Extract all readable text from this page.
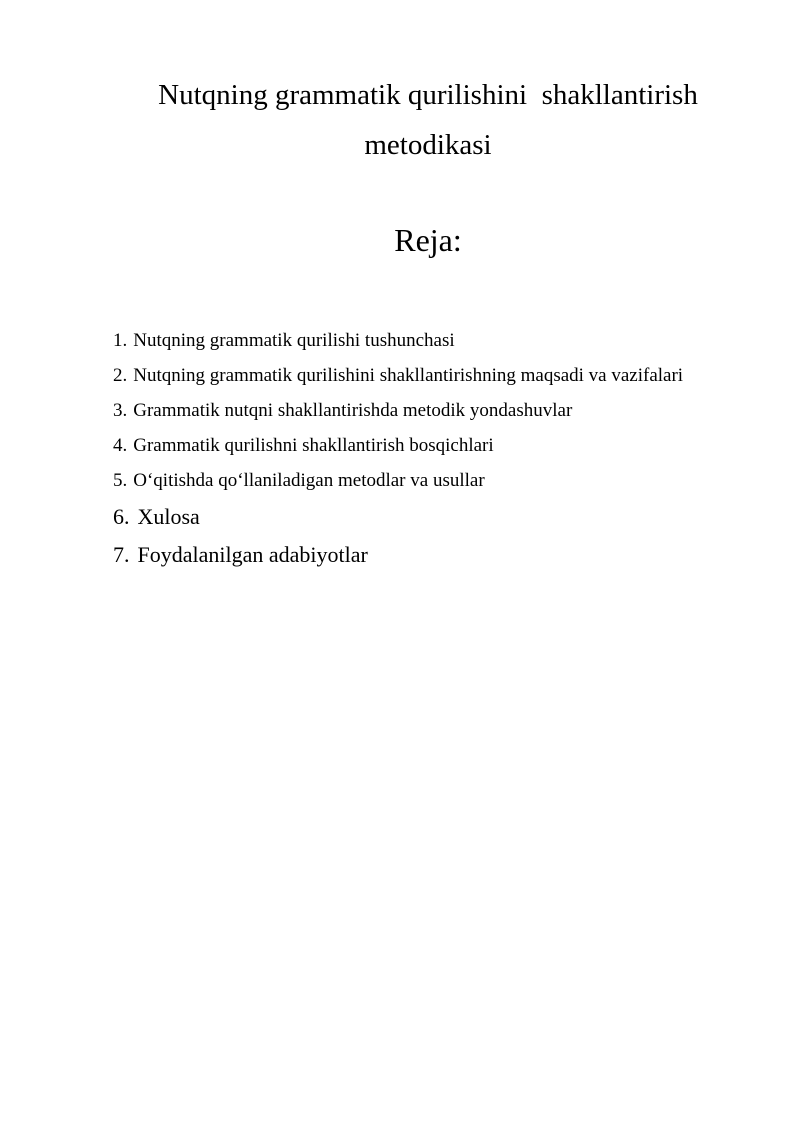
Nutqning grammatik qurilishini  shakllantirish
metodikasi
Reja:
1. Nutqning grammatik qurilishi tushunchasi
2. Nutqning grammatik qurilishini shakllantirishning maqsadi va vazifalari
3. Grammatik nutqni shakllantirishda metodik yondashuvlar
4. Grammatik qurilishni shakllantirish bosqichlari
5. O‘qitishda qo‘llaniladigan metodlar va usullar
6. Xulosa
7. Foydalanilgan adabiyotlar
